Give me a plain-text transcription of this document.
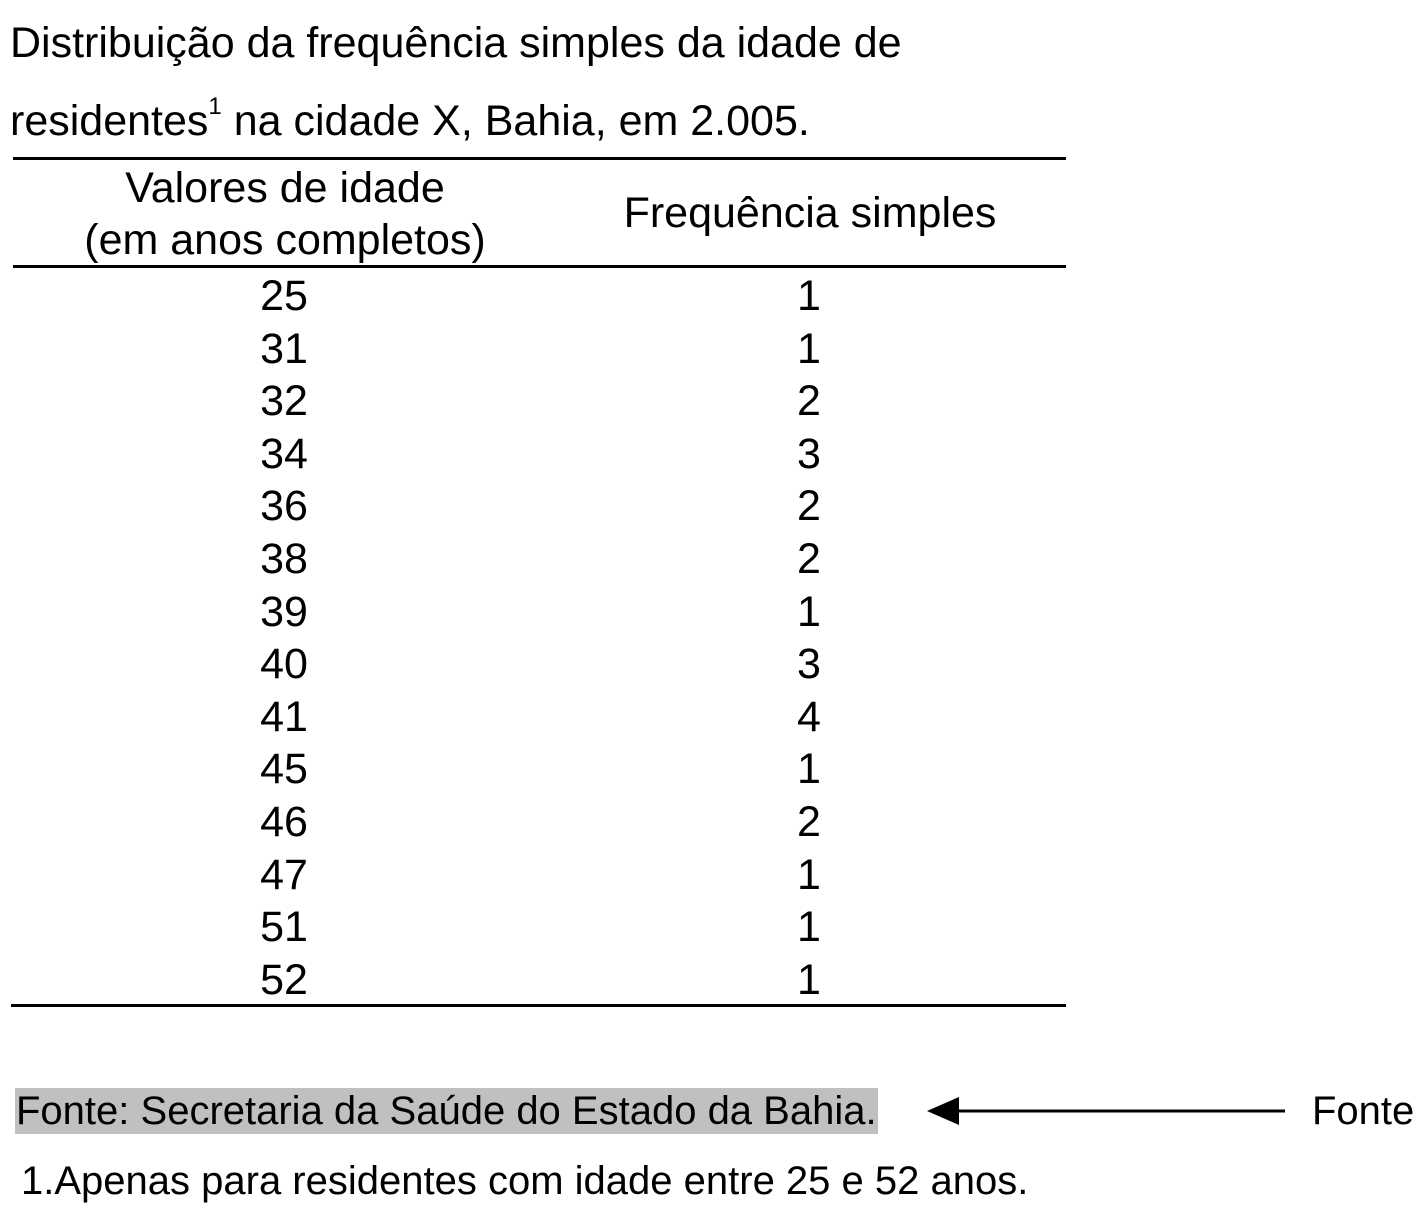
Distribuição da frequência simples da idade de
residentes$^1$ na cidade X, Bahia, em 2.005.
Valores de idade
(em anos completos)
Frequência simples
25	1
31	1
32	2
34	3
36	2
38	2
39	1
40	3
41	4
45	1
46	2
47	1
51	1
52	1
Fonte: Secretaria da Saúde do Estado da Bahia.	Fonte
1.Apenas para residentes com idade entre 25 e 52 anos.
